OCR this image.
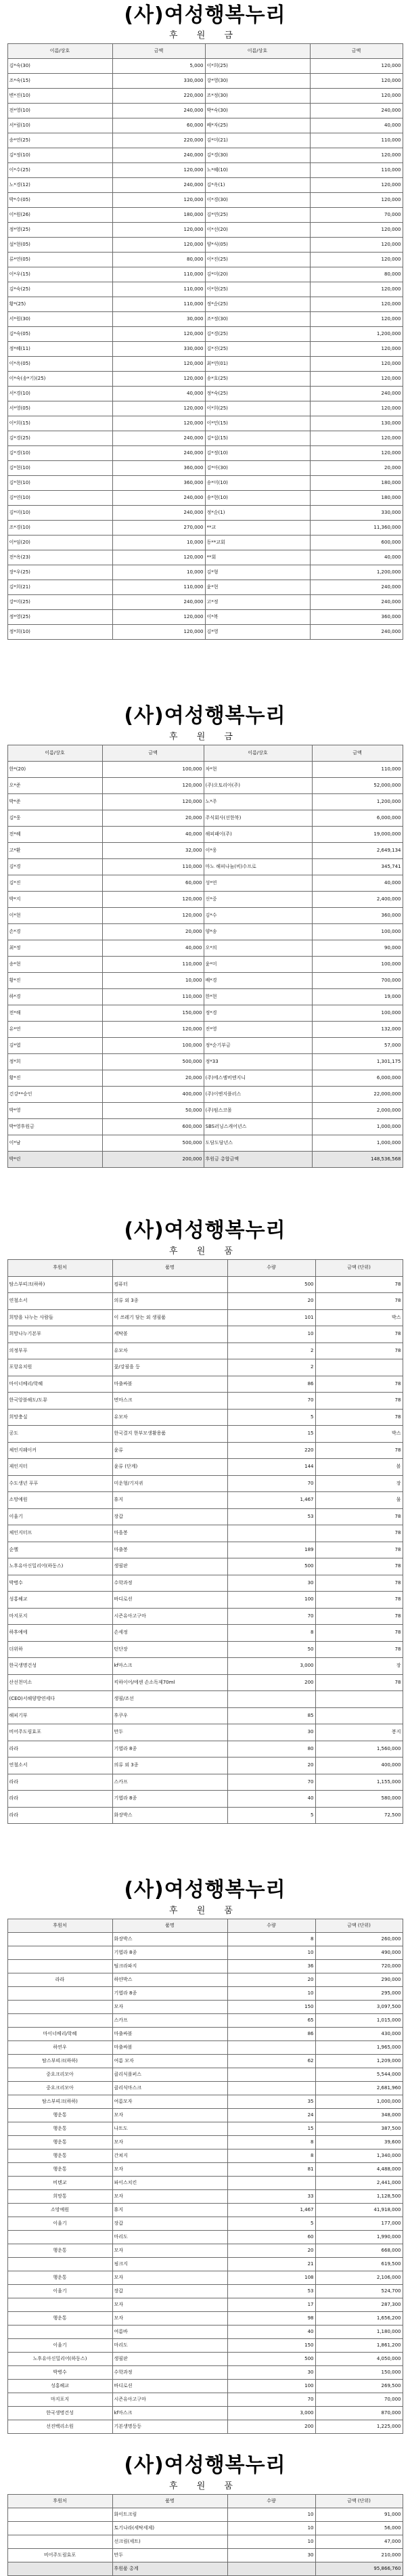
(사)여성행복누리
후 원 금
이름/상호	금액	이름/상호	금액
김*숙(30)	5,000	이*희(25)	120,000
조*숙(15)	330,000	강*영(30)	120,000
변*진(10)	220,000	조*정(30)	120,000
전*영(10)	240,000	박*숙(30)	240,000
서*림(10)	60,000	배*자(25)	40,000
송*연(25)	220,000	김*미(21)	110,000
김*정(10)	240,000	김*경(30)	120,000
이*수(25)	120,000	노*혜(10)	110,000
노*경(12)	240,000	김*옥(1)	120,000
박*수(05)	120,000	이*경(30)	120,000
이*원(26)	180,000	김*연(25)	70,000
정*영(25)	120,000	이*선(20)	120,000
설*현(05)	120,000	양*식(05)	120,000
류*연(05)	80,000	이*진(25)	120,000
이*우(15)	110,000	김*미(20)	80,000
김*숙(25)	110,000	이*현(25)	120,000
황*(25)	110,000	정*순(25)	120,000
서*원(30)	30,000	조*정(30)	120,000
김*숙(05)	120,000	김*경(25)	1,200,000
정*혜(11)	330,000	김*진(25)	120,000
이*옥(05)	120,000	최*연(01)	120,000
이*숙(송*기)(25)	120,000	송*호(25)	120,000
서*경(10)	40,000	정*숙(25)	240,000
서*영(05)	120,000	이*희(25)	120,000
이*희(15)	120,000	이*민(15)	130,000
김*경(25)	240,000	김*섭(15)	120,000
김*경(10)	240,000	김*정(10)	120,000
김*현(10)	360,000	김*아(30)	20,000
김*현(10)	360,000	송*미(10)	180,000
김*연(10)	240,000	송*현(10)	180,000
김*미(10)	240,000	정*순(1)	330,000
조*경(10)	270,000	**교	11,360,000
이*임(20)	10,000	동**교회	600,000
전*옥(23)	120,000	**회	40,000
장*우(25)	10,000	김*형	1,200,000
김*희(21)	110,000	윤*현	240,000
강*미(25)	240,000	고*정	240,000
정*영(25)	120,000	이*복	360,000
정*희(10)	120,000	김*영	240,000
(사)여성행복누리
후 원 금
이름/상호	금액	이름/상호	금액
한*(20)	100,000	차*현	110,000
오*준	120,000	(주)오토리아(주)	52,000,000
박*준	120,000	노*주	1,200,000
김*웅	20,000	주식회사(선한북)	6,000,000
전*혜	40,000	해피패이(주)	19,000,000
고*환	32,000	이*웅	2,649,134
김*경	110,000	마노 해피나눔(비)수프로	345,741
김*진	60,000	성*연	40,000
박*지	120,000	신*중	2,400,000
이*현	120,000	김*수	360,000
손*경	20,000	양*송	100,000
최*정	40,000	오*의	90,000
송*현	110,000	윤*미	100,000
황*진	10,000	배*경	700,000
하*경	110,000	한*현	19,000
전*해	150,000	정*경	100,000
유*연	120,000	진*영	132,000
김*엽	100,000	정*순기부금	57,000
정*희	500,000	정*33	1,301,175
황*진	20,000	(주)에스엠비엔지니	6,000,000
건강**승인	400,000	(주)이엔지플러스	22,000,000
박*영	50,000	(주)펌스코몰	2,000,000
박*영후원금	600,000	SBS러닝스캐어년스	1,000,000
이*남	500,000	도담도담년스	1,000,000
박*린	200,000	후원금 총합금액	148,536,568
(사)여성행복누리
후 원 품
후원처	품명	수량	금액 (단위)
탐스부띠크(하하)	컴퓨터	500	78
연철소서	의류 외 3종	20	78
희망을 나누는 사람들	이 쓰레기 담는 외 생필품	101	박스
희망나누기본부	세탁볼	10	78
의정부푸	유모차	2	78
포항유치원	꽃/강필을 등	2	
마이너베리/학혜	마출싸볼	86	78
한국앙블해도/도뮤	면마스크	70	78
희망충실	유모차	5	78
공도	한국결지 한부모생활용품	15	박스
체인지웨이커	윤류	220	78
제인지터	윤류 (단계)	144	볼
수도생년 푸푸	미운형/기저귀	70	장
소망예원	휴지	1,467	물
이울기	장갑	53	78
체인지터프	마을봉		78
순헬	마출봉	189	78
노후유아신밀리어(하동스)	생필판	500	78
박병수	수학과정	30	78
성홍헤교	바디로션	100	78
마지포지	시즌유아고구마	70	78
하후예에	손세정	8	78
더위하	턴단장	50	78
한국생명건성	kf마스크	3,000	장
산선천미소	킥하이어/에센 손소독제70ml	200	78
(CEO)서해양방연세다	생필/조선		
해피기부	후쿠우	85	
비어주도림효포	만두	30	봉지
라라	기엽라 8종	80	1,560,000
연철소서	의류 외 3종	20	400,000
라라	스카프	70	1,155,000
라라	기엽라 8종	40	580,000
라라	화장박스	5	72,500
(사)여성행복누리
후 원 품
후원처	품명	수량	금액 (단위)
	화장박스	8	260,000
	기엽라 8종	10	490,000
	팀크라파지	36	720,000
라라	하얀박스	20	290,000
	기엽라 8종	10	295,000
	모자	150	3,097,500
	스카프	65	1,015,000
마이너베리/학혜	마출싸볼	86	430,000
하연우	마출싸볼		1,965,000
탐스부띠크(하하)	여름 모자	62	1,209,000
중요크리모아	클리식롤퍼스		5,544,000
중요크리모아	클리식마스크		2,681,960
탐스부띠크(하하)	여름모자	35	1,000,000
행운통	모자	24	348,000
행운통	나트도	15	387,500
행운통	모자	8	39,600
행운통	간쳐지	8	1,340,000
행운통	모자	81	4,488,000
비텐교	파이스치킨		2,441,000
희망통	모자	33	1,128,500
소망예원	휴지	1,467	41,918,000
이울기	장갑	5	177,000
	마리도	60	1,990,000
행운통	모자	20	668,000
	핑크지	21	619,500
행운통	모자	108	2,106,000
이울기	장갑	53	524,700
	모자	17	287,300
행운통	모자	98	1,656,200
	여름바	40	1,180,000
이울기	마리도	150	1,861,200
노후유아신밀리어(하동스)	생필판	500	4,050,000
박병수	수학과정	30	150,000
성홍헤교	바디로션	100	269,500
마지포지	시즌유아고구마	70	70,000
한국생명건성	kf마스크	3,000	870,000
선진백리소원	기본생명등등	200	1,225,000
(사)여성행복누리
후 원 품
후원처	품명	수량	금액 (단위)
	화이트크림	10	91,000
	토기나라(세탁세제)	10	56,000
	선크림(세트)	10	47,000
비어주도림효포	만두	30	210,000
	후원품 총계		95,866,760
